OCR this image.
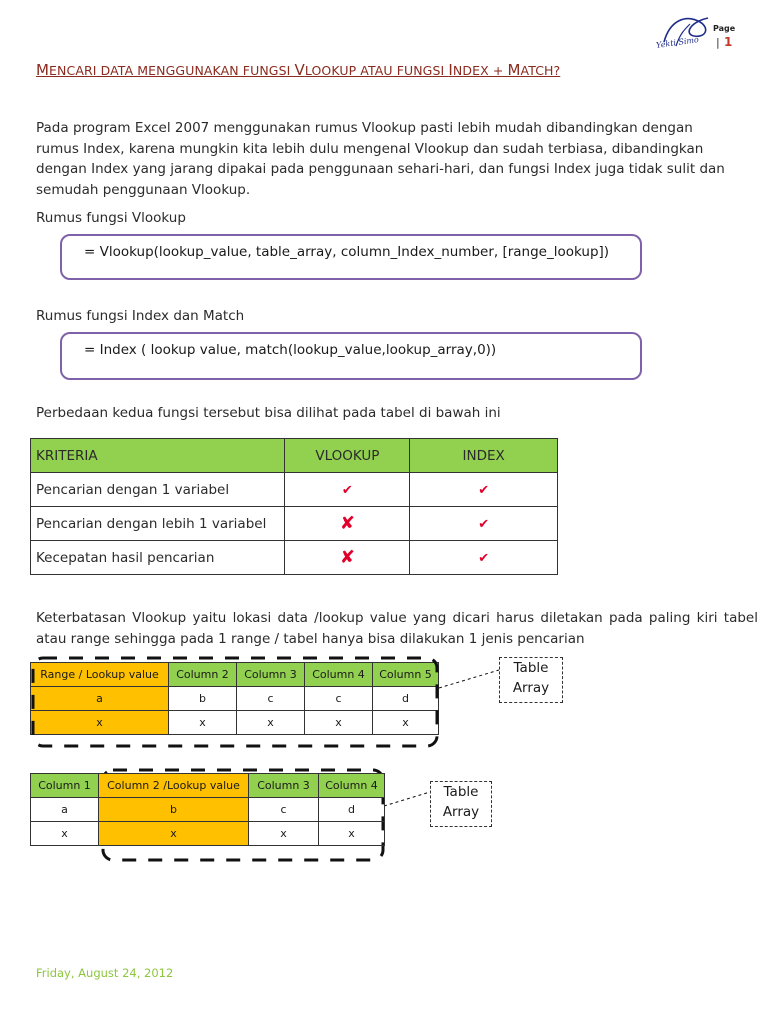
Yekti Simo
Page
| 1
MENCARI DATA MENGGUNAKAN FUNGSI VLOOKUP ATAU FUNGSI INDEX + MATCH?
Pada program Excel 2007 menggunakan rumus Vlookup pasti lebih mudah dibandingkan dengan rumus Index, karena mungkin kita lebih dulu mengenal Vlookup dan sudah terbiasa, dibandingkan dengan Index yang jarang dipakai pada penggunaan sehari-hari, dan fungsi Index juga tidak sulit dan semudah penggunaan Vlookup.
Rumus fungsi Vlookup
= Vlookup(lookup_value, table_array, column_Index_number, [range_lookup])
Rumus fungsi Index dan Match
= Index ( lookup value, match(lookup_value,lookup_array,0))
Perbedaan kedua fungsi tersebut bisa dilihat pada tabel di bawah ini
KRITERIA	VLOOKUP	INDEX
Pencarian dengan 1 variabel	✔	✔
Pencarian dengan lebih 1 variabel	✘	✔
Kecepatan hasil pencarian	✘	✔
Keterbatasan Vlookup yaitu lokasi data /lookup value yang dicari harus diletakan pada paling kiri tabel atau range sehingga pada 1 range / tabel hanya bisa dilakukan 1 jenis pencarian
Range / Lookup value	Column 2	Column 3	Column 4	Column 5
a	b	c	c	d
x	x	x	x	x
Table
Array
Column 1	Column 2 /Lookup value	Column 3	Column 4
a	b	c	d
x	x	x	x
Table
Array
Friday, August 24, 2012
